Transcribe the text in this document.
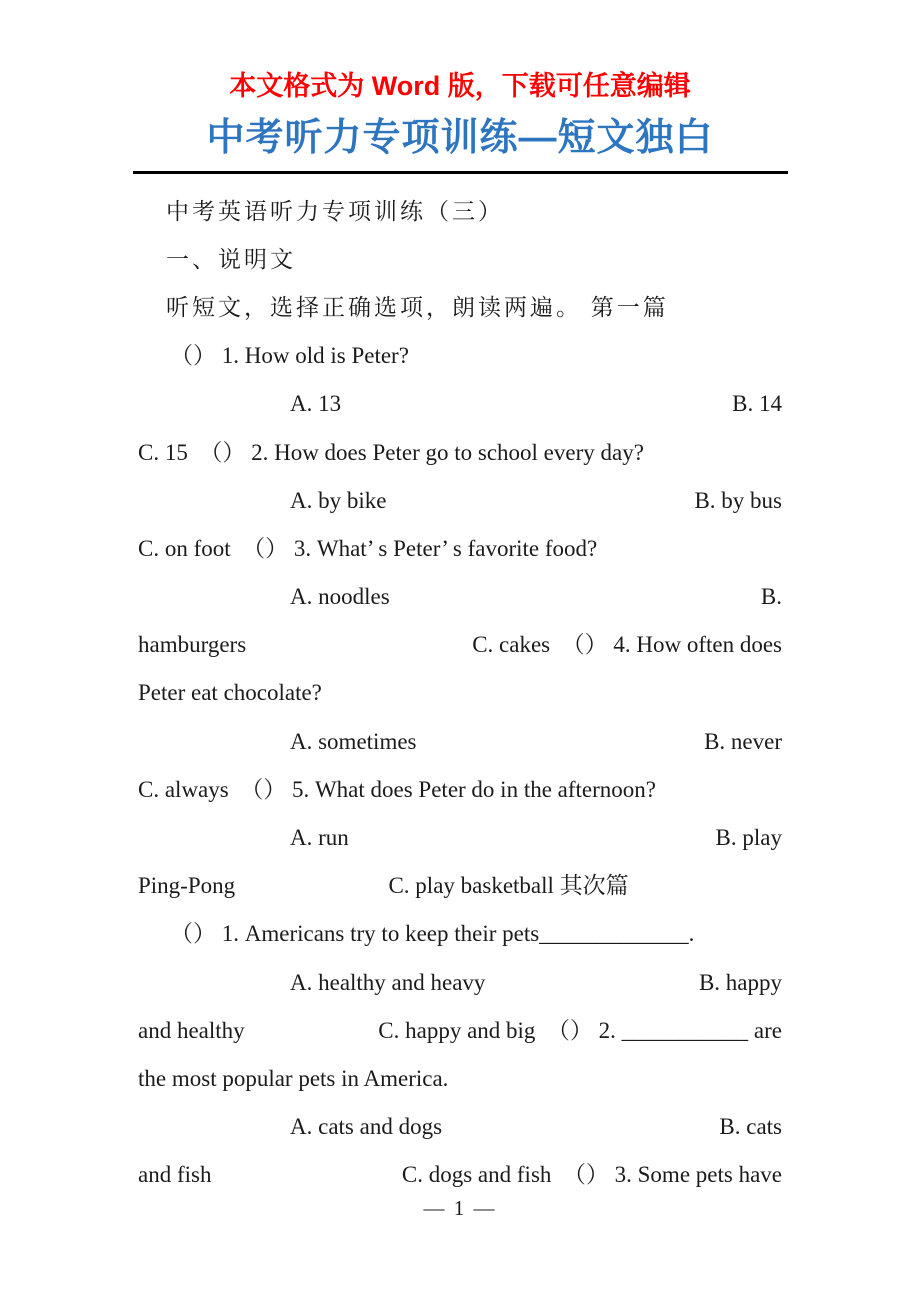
本文格式为 Word 版，下载可任意编辑
中考听力专项训练—短文独白
中考英语听力专项训练（三）
一、说明文
听短文，选择正确选项，朗读两遍。 第一篇
（） 1. How old is Peter?
A. 13	B. 14
C. 15　（） 2. How does Peter go to school every day?
A. by bike	B. by bus
C. on foot　（） 3. What’ s Peter’ s favorite food?
A. noodles	B.
hamburgers	C. cakes　（） 4. How often does
Peter eat chocolate?
A. sometimes	B. never
C. always　（） 5. What does Peter do in the afternoon?
A. run	B. play
Ping-Pong	C. play basketball 其次篇
（） 1. Americans try to keep their pets_____________.
A. healthy and heavy	B. happy
and healthy	C. happy and big　（） 2. ___________ are
the most popular pets in America.
A. cats and dogs	B. cats
and fish	C. dogs and fish　（） 3. Some pets have
— 1 —
